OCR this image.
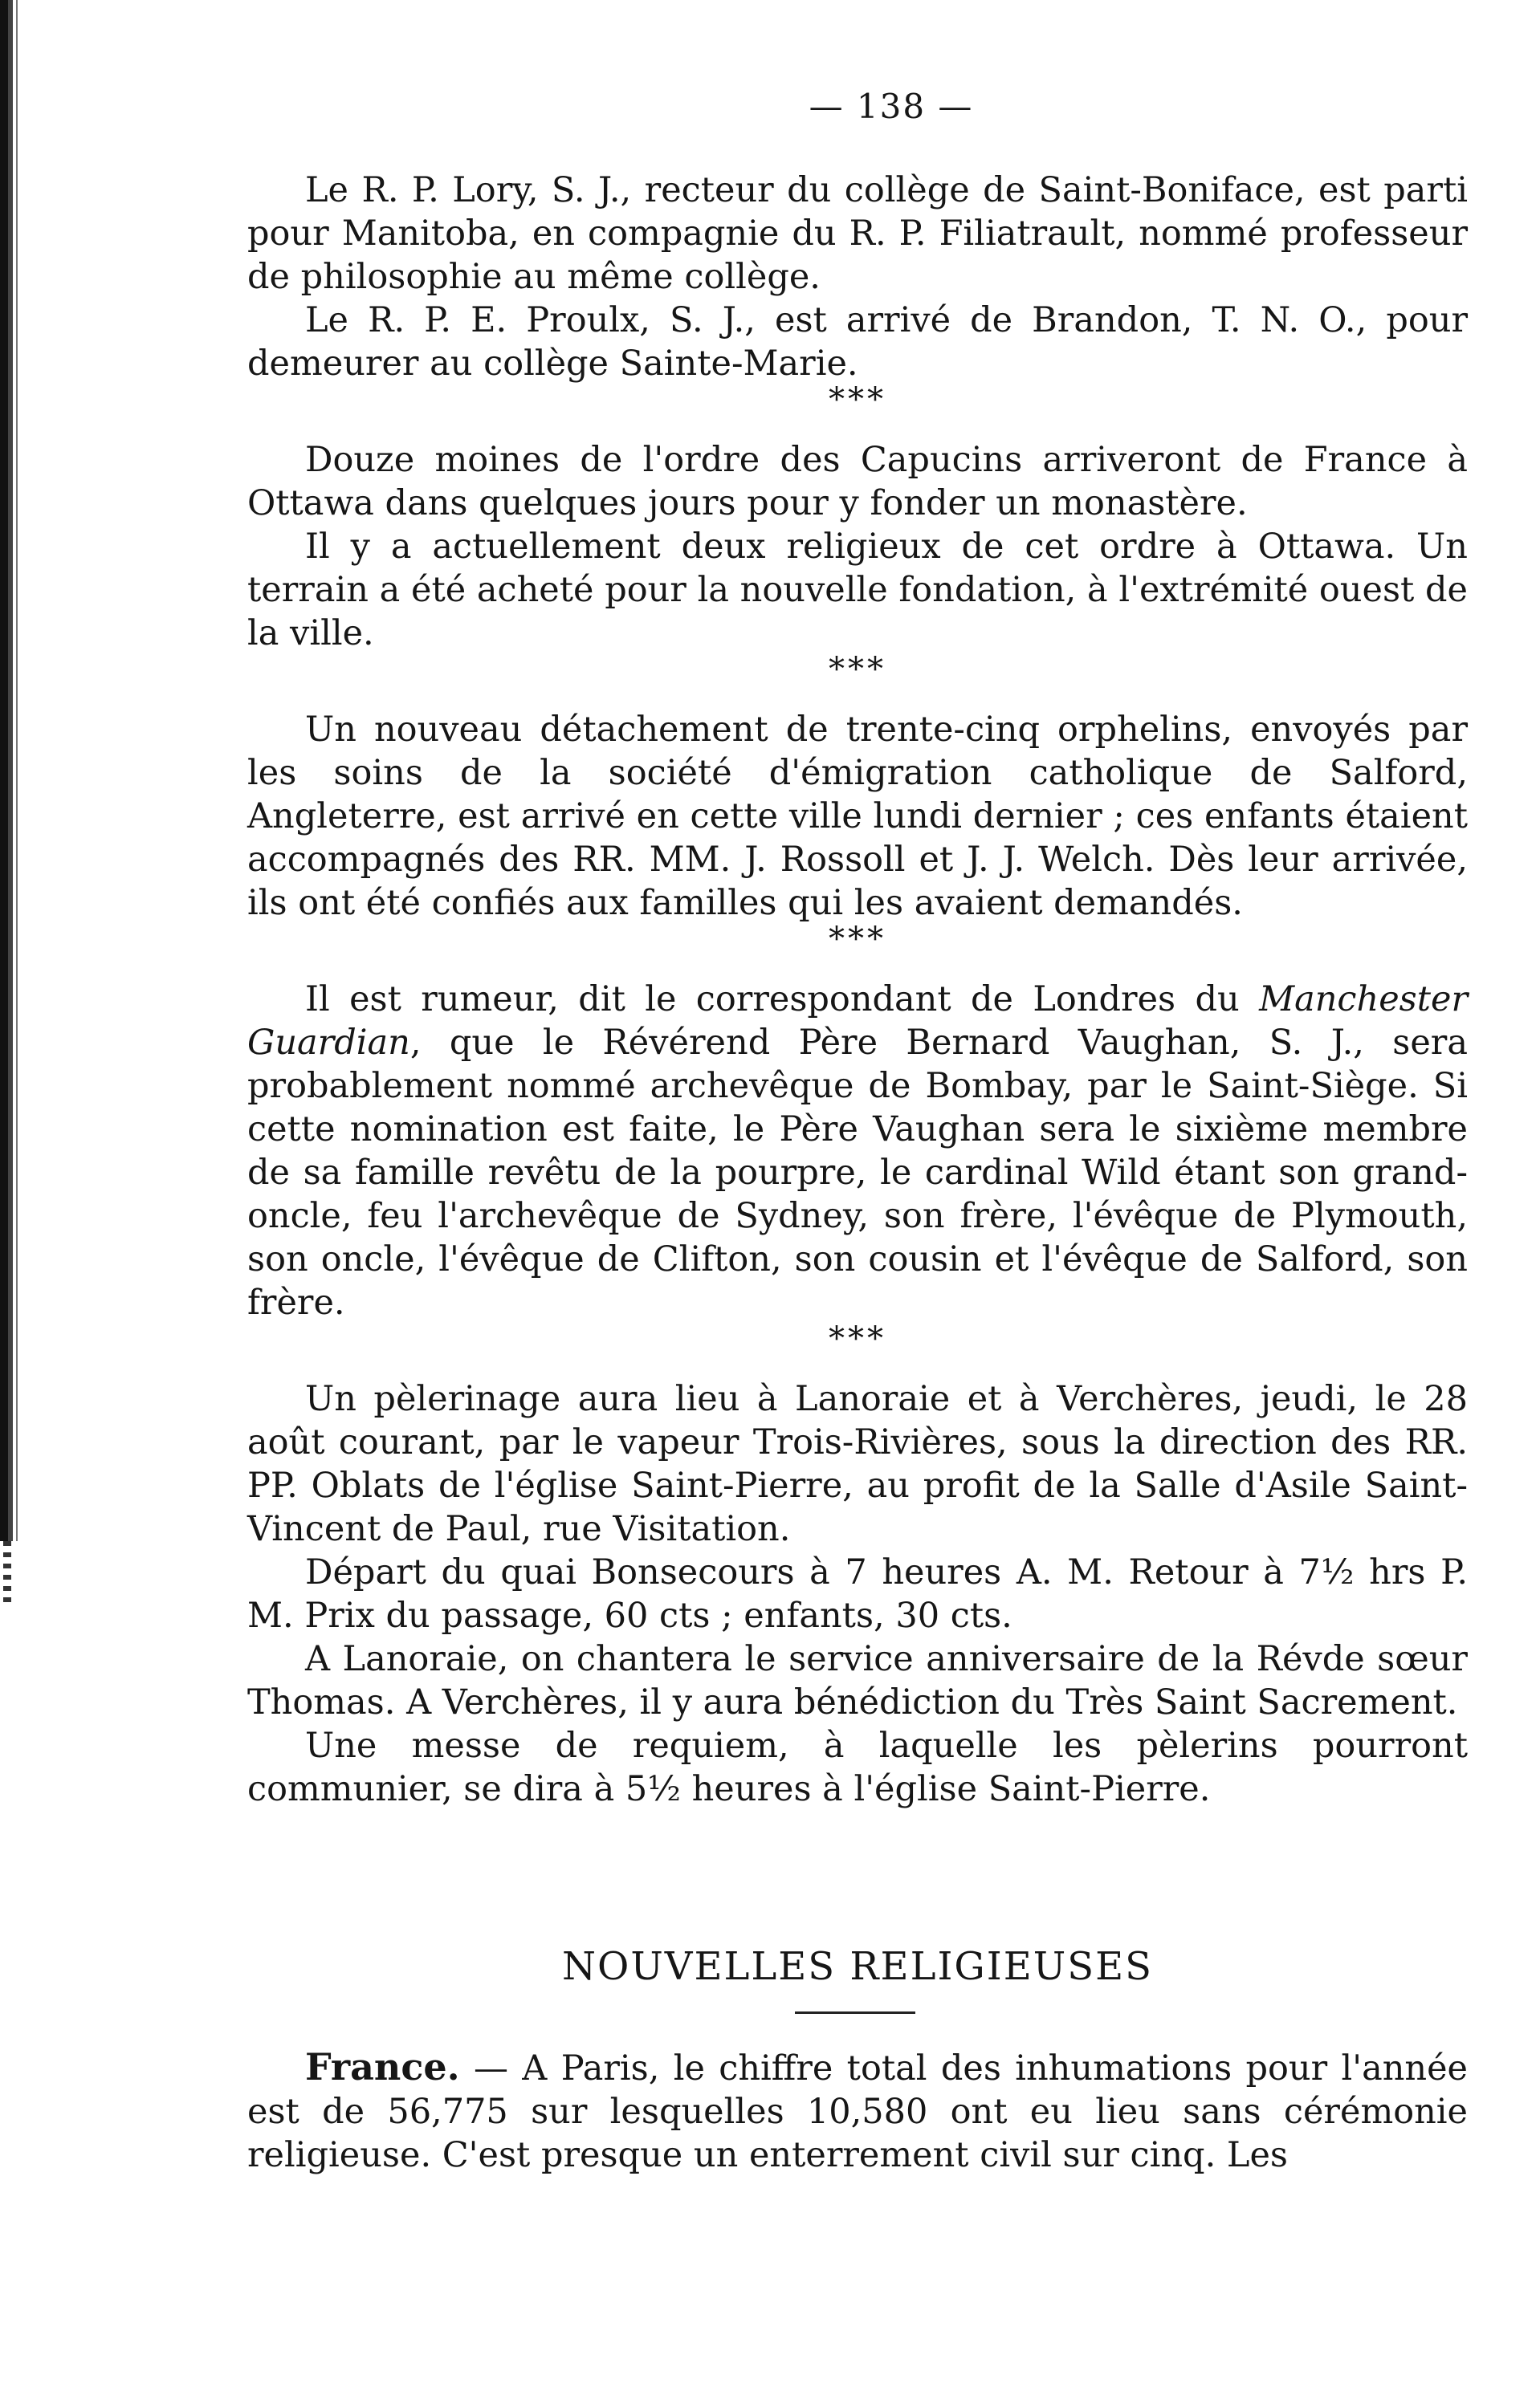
— 138 —

Le R. P. Lory, S. J., recteur du collège de Saint-Boniface, est parti pour Manitoba, en compagnie du R. P. Filiatrault, nommé professeur de philosophie au même collège.

Le R. P. E. Proulx, S. J., est arrivé de Brandon, T. N. O., pour demeurer au collège Sainte-Marie.

***

Douze moines de l'ordre des Capucins arriveront de France à Ottawa dans quelques jours pour y fonder un monastère.

Il y a actuellement deux religieux de cet ordre à Ottawa. Un terrain a été acheté pour la nouvelle fondation, à l'extrémité ouest de la ville.

***

Un nouveau détachement de trente-cinq orphelins, envoyés par les soins de la société d'émigration catholique de Salford, Angleterre, est arrivé en cette ville lundi dernier ; ces enfants étaient accompagnés des RR. MM. J. Rossoll et J. J. Welch. Dès leur arrivée, ils ont été confiés aux familles qui les avaient demandés.

***

Il est rumeur, dit le correspondant de Londres du Manchester Guardian, que le Révérend Père Bernard Vaughan, S. J., sera probablement nommé archevêque de Bombay, par le Saint-Siège. Si cette nomination est faite, le Père Vaughan sera le sixième membre de sa famille revêtu de la pourpre, le cardinal Wild étant son grand-oncle, feu l'archevêque de Sydney, son frère, l'évêque de Plymouth, son oncle, l'évêque de Clifton, son cousin et l'évêque de Salford, son frère.

***

Un pèlerinage aura lieu à Lanoraie et à Verchères, jeudi, le 28 août courant, par le vapeur Trois-Rivières, sous la direction des RR. PP. Oblats de l'église Saint-Pierre, au profit de la Salle d'Asile Saint-Vincent de Paul, rue Visitation.

Départ du quai Bonsecours à 7 heures A. M. Retour à 7½ hrs P. M. Prix du passage, 60 cts ; enfants, 30 cts.

A Lanoraie, on chantera le service anniversaire de la Révde sœur Thomas. A Verchères, il y aura bénédiction du Très Saint Sacrement.

Une messe de requiem, à laquelle les pèlerins pourront communier, se dira à 5½ heures à l'église Saint-Pierre.

NOUVELLES RELIGIEUSES

France. — A Paris, le chiffre total des inhumations pour l'année est de 56,775 sur lesquelles 10,580 ont eu lieu sans cérémonie religieuse. C'est presque un enterrement civil sur cinq. Les
